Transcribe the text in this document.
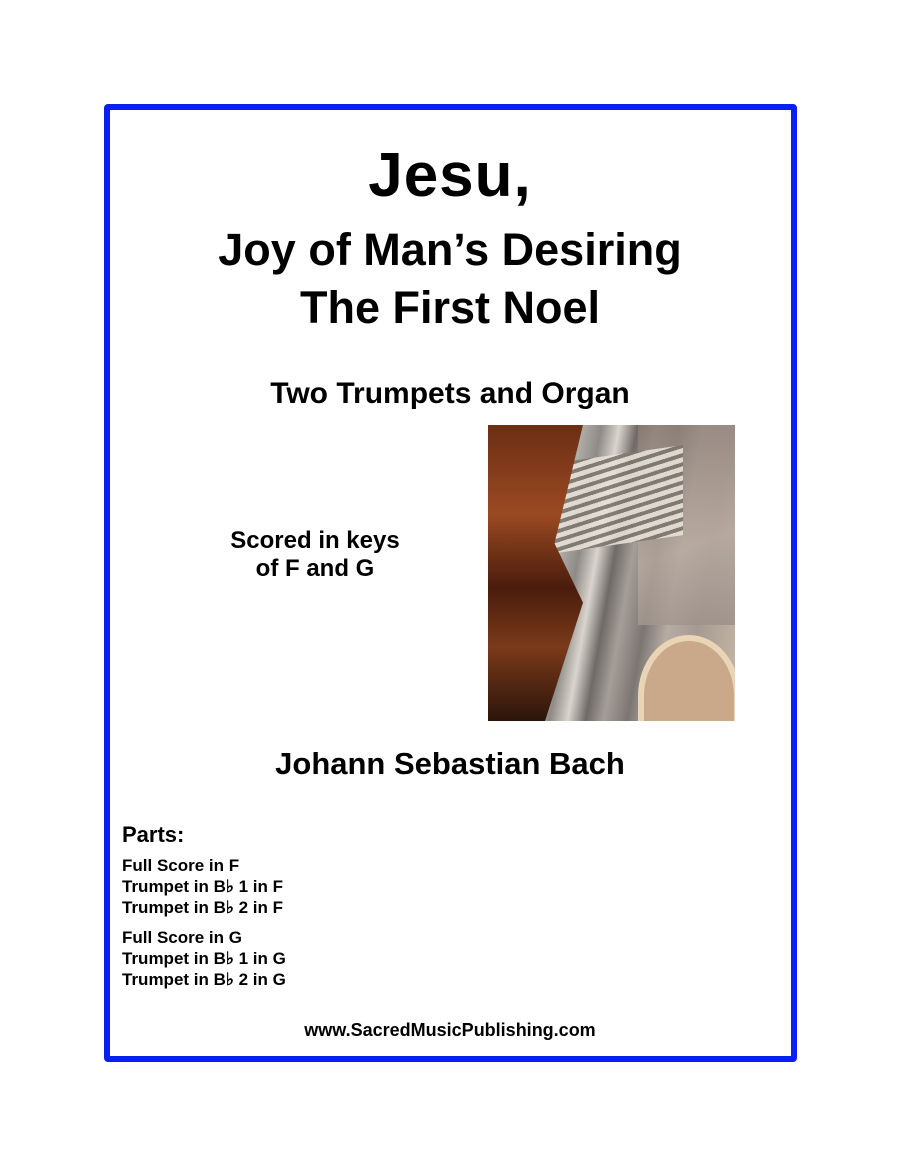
Jesu,
Joy of Man’s Desiring
The First Noel
Two Trumpets and Organ
Scored in keys
of F and G
Johann Sebastian Bach
Parts:
Full Score in F
Trumpet in B♭ 1 in F
Trumpet in B♭ 2 in F
Full Score in G
Trumpet in B♭ 1 in G
Trumpet in B♭ 2 in G
www.SacredMusicPublishing.com
